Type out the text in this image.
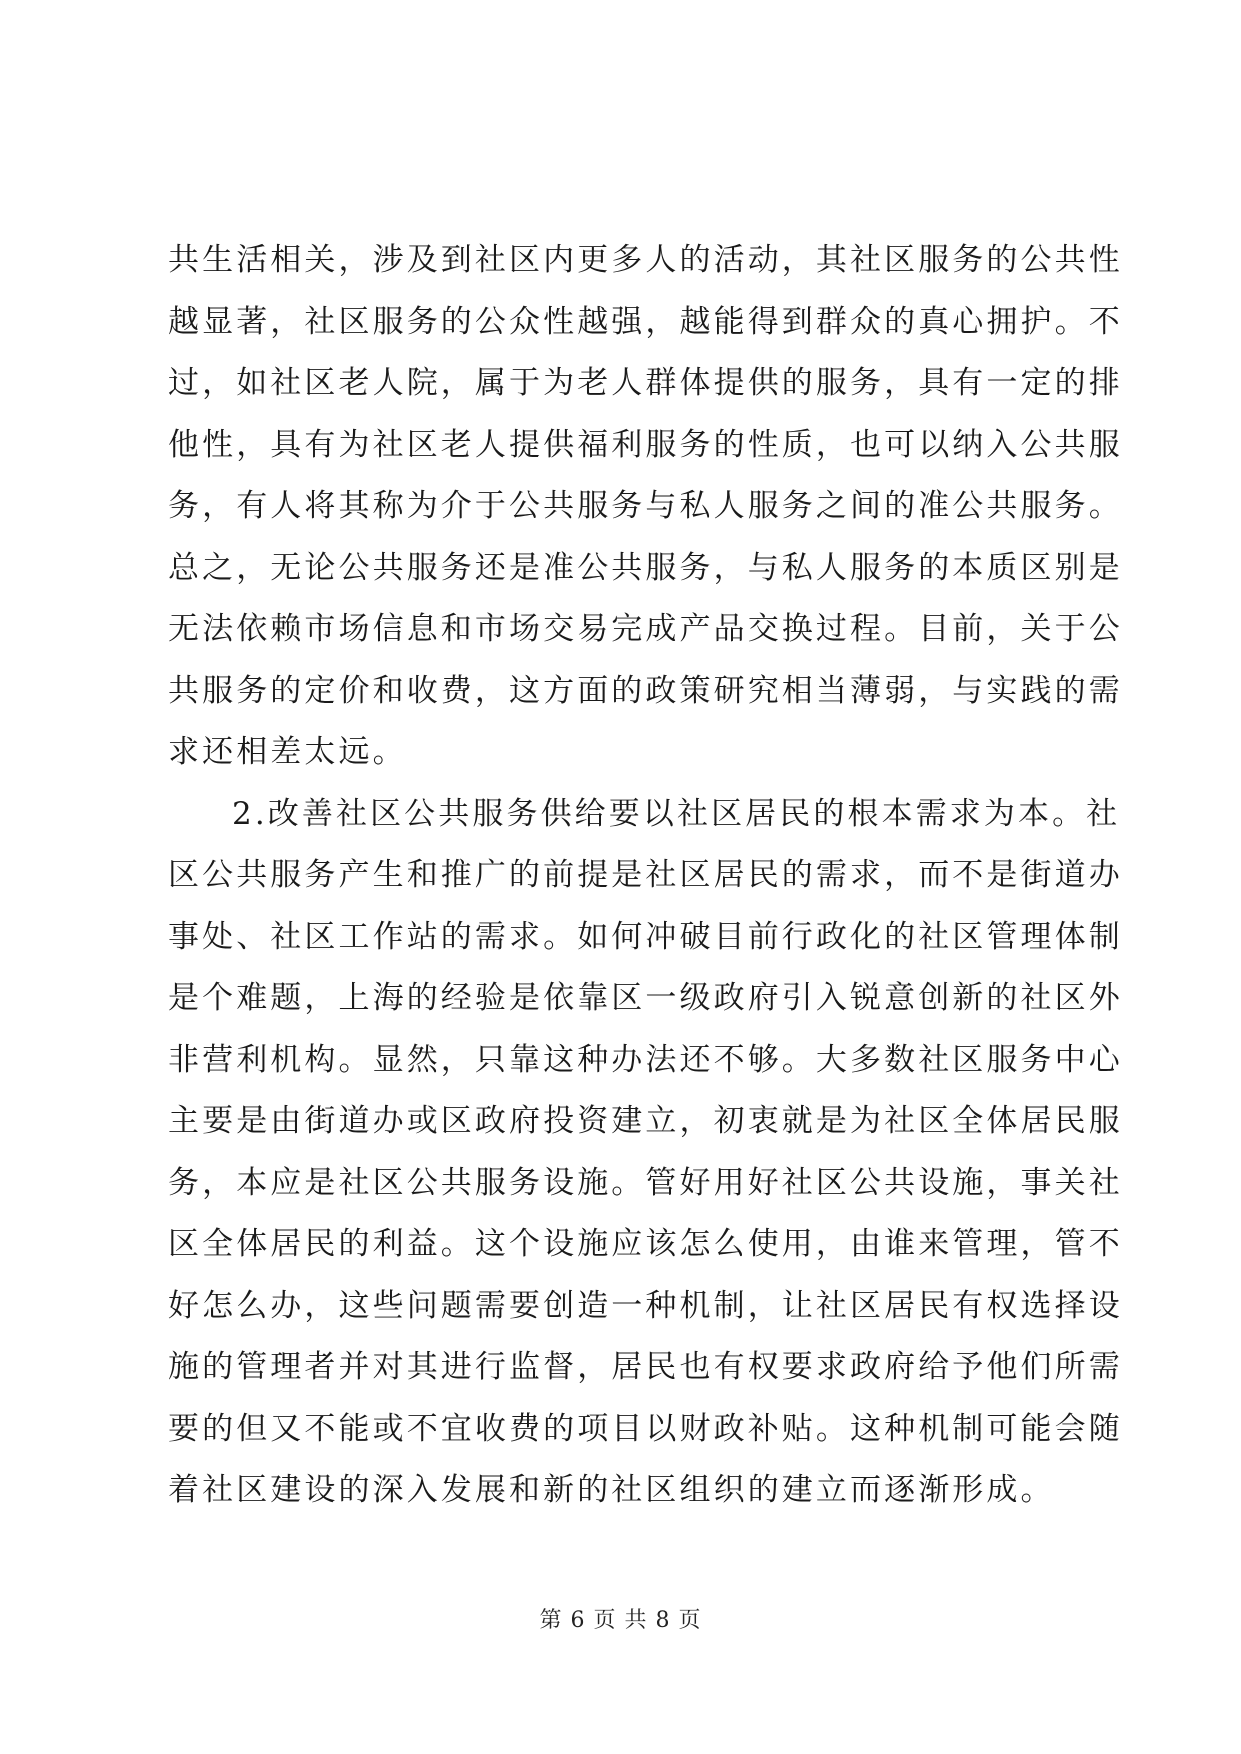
共生活相关，涉及到社区内更多人的活动，其社区服务的公共性
越显著，社区服务的公众性越强，越能得到群众的真心拥护。不
过，如社区老人院，属于为老人群体提供的服务，具有一定的排
他性，具有为社区老人提供福利服务的性质，也可以纳入公共服
务，有人将其称为介于公共服务与私人服务之间的准公共服务。
总之，无论公共服务还是准公共服务，与私人服务的本质区别是
无法依赖市场信息和市场交易完成产品交换过程。目前，关于公
共服务的定价和收费，这方面的政策研究相当薄弱，与实践的需
求还相差太远。
2.改善社区公共服务供给要以社区居民的根本需求为本。社
区公共服务产生和推广的前提是社区居民的需求，而不是街道办
事处、社区工作站的需求。如何冲破目前行政化的社区管理体制
是个难题，上海的经验是依靠区一级政府引入锐意创新的社区外
非营利机构。显然，只靠这种办法还不够。大多数社区服务中心
主要是由街道办或区政府投资建立，初衷就是为社区全体居民服
务，本应是社区公共服务设施。管好用好社区公共设施，事关社
区全体居民的利益。这个设施应该怎么使用，由谁来管理，管不
好怎么办，这些问题需要创造一种机制，让社区居民有权选择设
施的管理者并对其进行监督，居民也有权要求政府给予他们所需
要的但又不能或不宜收费的项目以财政补贴。这种机制可能会随
着社区建设的深入发展和新的社区组织的建立而逐渐形成。
第 6 页 共 8 页
